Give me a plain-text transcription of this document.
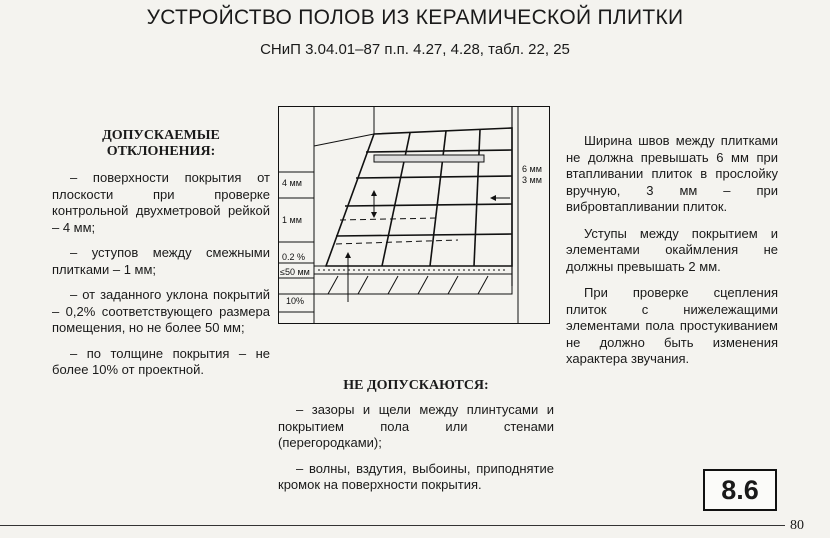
УСТРОЙСТВО ПОЛОВ ИЗ КЕРАМИЧЕСКОЙ ПЛИТКИ
СНиП 3.04.01–87 п.п. 4.27, 4.28, табл. 22, 25
ДОПУСКАЕМЫЕ
ОТКЛОНЕНИЯ:

– поверхности покрытия от плоскости при проверке контрольной двухметровой рейкой – 4 мм;

– уступов между смежными плитками – 1 мм;

– от заданного уклона покрытий – 0,2% соответствующего размера помещения, но не более 50 мм;

– по толщине покрытия – не более 10% от проектной.

4 мм
1 мм
0.2 %
≤50 мм
10%
6 мм
3 мм
НЕ ДОПУСКАЮТСЯ:

– зазоры и щели между плинтусами и покрытием пола или стенами (перегородками);

– волны, вздутия, выбоины, приподнятие кромок на поверхности покрытия.

Ширина швов между плитками не должна превышать 6 мм при втапливании плиток в прослойку вручную, 3 мм – при вибровтапливании плиток.

Уступы между покрытием и элементами окаймления не должны превышать 2 мм.

При проверке сцепления плиток с нижележащими элементами пола простукиванием не должно быть изменения характера звучания.

8.6
80
